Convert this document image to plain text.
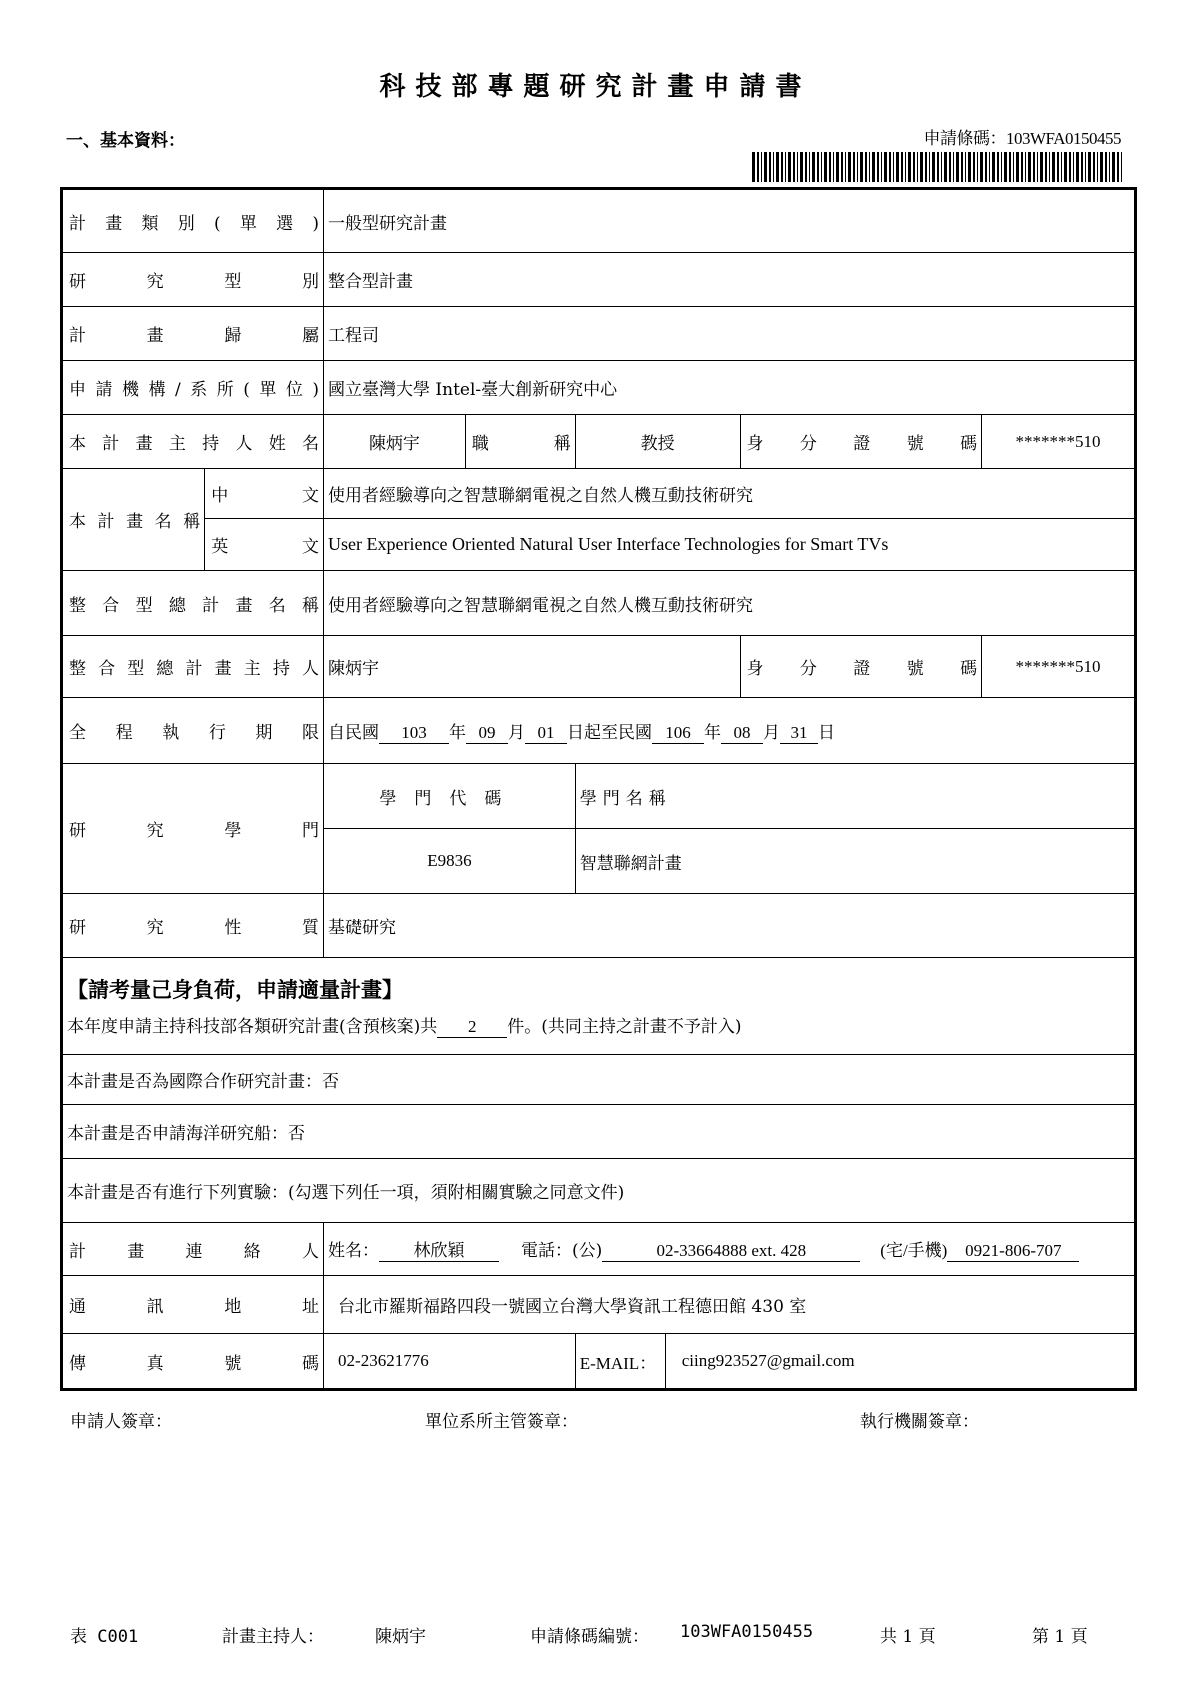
科技部專題研究計畫申請書
一、基本資料：	申請條碼：103WFA0150455
計畫類別(單選)		一般型研究計畫					
研究型別		整合型計畫					
計畫歸屬		工程司					
申請機構/系所(單位)		國立臺灣大學 Intel-臺大創新研究中心					
本計畫主持人姓名		陳炳宇	職稱	教授		身分證號碼	*******510
本計畫名稱	中文	使用者經驗導向之智慧聯網電視之自然人機互動技術研究					
	英文	User Experience Oriented Natural User Interface Technologies for Smart TVs					
整合型總計畫名稱		使用者經驗導向之智慧聯網電視之自然人機互動技術研究					
整合型總計畫主持人		陳炳宇				身分證號碼	*******510
全程執行期限		自民國 103 年 09 月 01 日起至民國 106 年 08 月 31 日					
研究學門		學門代碼		學門名稱			
		E9836		智慧聯網計畫			
研究性質		基礎研究					

【請考量己身負荷，申請適量計畫】
本年度申請主持科技部各類研究計畫(含預核案)共 2 件。(共同主持之計畫不予計入)							
本計畫是否為國際合作研究計畫：否							
本計畫是否申請海洋研究船：否							
本計畫是否有進行下列實驗：(勾選下列任一項，須附相關實驗之同意文件)							
計畫連絡人		姓名： 林欣穎 電話：(公) 02-33664888 ext. 428 (宅/手機) 0921-806-707					
通訊地址		台北市羅斯福路四段一號國立台灣大學資訊工程德田館 430 室					
傳真號碼		02-23621776		E-MAIL：	ciing923527@gmail.com		
申請人簽章：	單位系所主管簽章：	執行機關簽章：
表 C001	計畫主持人：	陳炳宇	申請條碼編號： 103WFA0150455	共 1 頁	第 1 頁
